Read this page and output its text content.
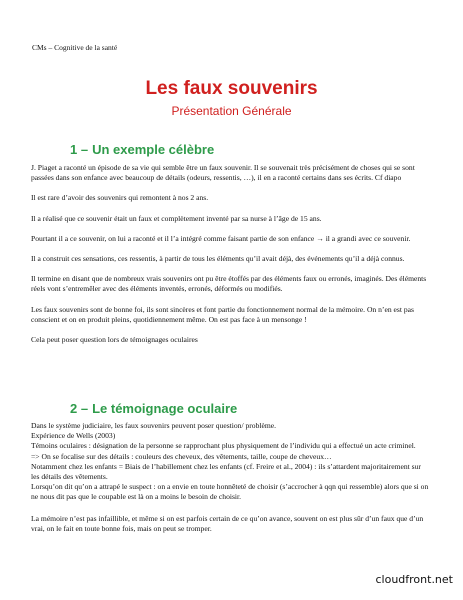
CMs – Cognitive de la santé
Les faux souvenirs
Présentation Générale
1 – Un exemple célèbre

J. Piaget a raconté un épisode de sa vie qui semble être un faux souvenir. Il se souvenait très précisément de choses qui se sont passées dans son enfance avec beaucoup de détails (odeurs, ressentis, …), il en a raconté certains dans ses écrits. Cf diapo

Il est rare d’avoir des souvenirs qui remontent à nos 2 ans.

Il a réalisé que ce souvenir était un faux et complètement inventé par sa nurse à l’âge de 15 ans.

Pourtant il a ce souvenir, on lui a raconté et il l’a intégré comme faisant partie de son enfance → il a grandi avec ce souvenir.

Il a construit ces sensations, ces ressentis, à partir de tous les éléments qu’il avait déjà, des événements qu’il a déjà connus.

Il termine en disant que de nombreux vrais souvenirs ont pu être étoffés par des éléments faux ou erronés, imaginés. Des éléments réels vont s’entremêler avec des éléments inventés, erronés, déformés ou modifiés.

Les faux souvenirs sont de bonne foi, ils sont sincères et font partie du fonctionnement normal de la mémoire. On n’en est pas conscient et on en produit pleins, quotidiennement même. On est pas face à un mensonge !

Cela peut poser question lors de témoignages oculaires

2 – Le témoignage oculaire

Dans le système judiciaire, les faux souvenirs peuvent poser question/ problème.

Expérience de Wells (2003)

Témoins oculaires : désignation de la personne se rapprochant plus physiquement de l’individu qui a effectué un acte criminel.

=> On se focalise sur des détails : couleurs des cheveux, des vêtements, taille, coupe de cheveux…

Notamment chez les enfants = Biais de l’habillement chez les enfants (cf. Freire et al., 2004) : ils s’attardent majoritairement sur les détails des vêtements.

Lorsqu’on dit qu’on a attrapé le suspect : on a envie en toute honnêteté de choisir (s’accrocher à qqn qui ressemble) alors que si on ne nous dit pas que le coupable est là on a moins le besoin de choisir.

La mémoire n’est pas infaillible, et même si on est parfois certain de ce qu’on avance, souvent on est plus sûr d’un faux que d’un vrai, on le fait en toute bonne fois, mais on peut se tromper.

cloudfront.net
